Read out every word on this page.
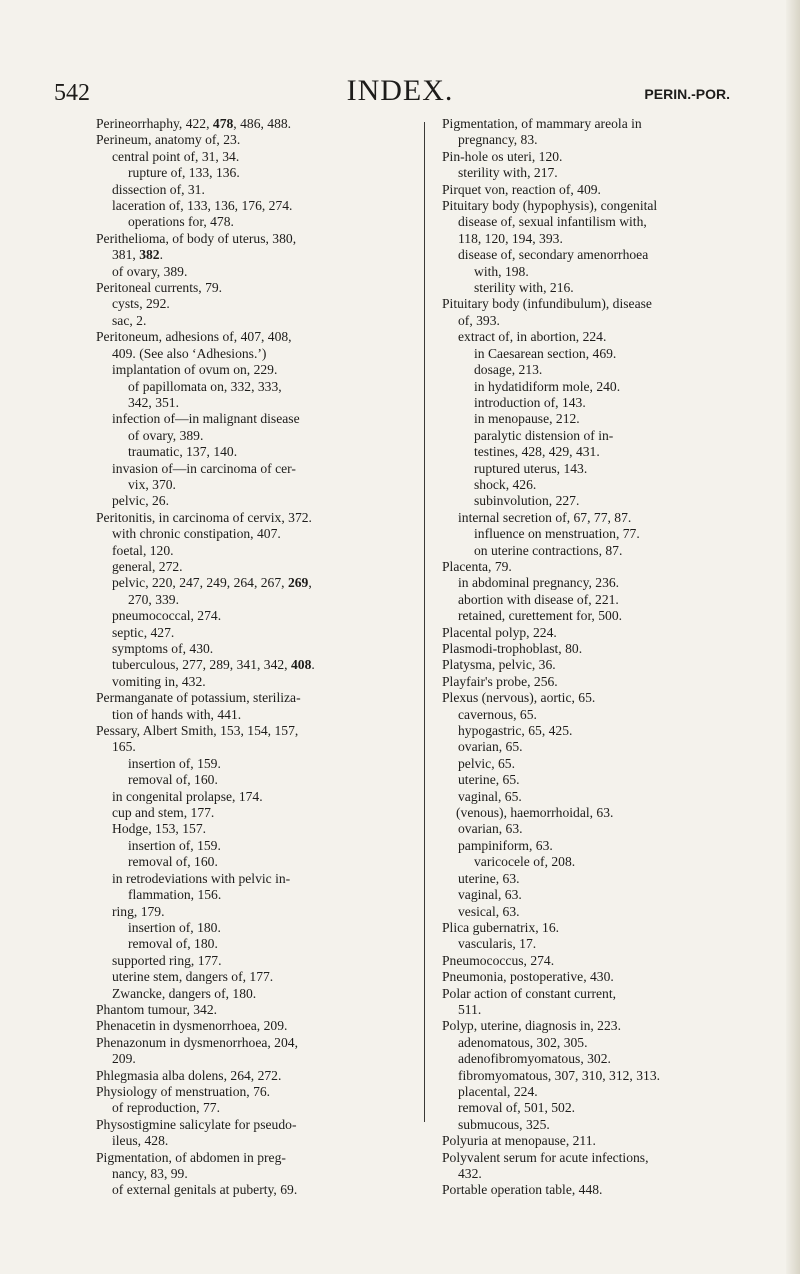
542	INDEX.	PERIN.-POR.
Perineorrhaphy, 422, 478, 486, 488.
Perineum, anatomy of, 23.
central point of, 31, 34.
rupture of, 133, 136.
dissection of, 31.
laceration of, 133, 136, 176, 274.
operations for, 478.
Perithelioma, of body of uterus, 380,
381, 382.
of ovary, 389.
Peritoneal currents, 79.
cysts, 292.
sac, 2.
Peritoneum, adhesions of, 407, 408,
409. (See also ‘Adhesions.’)
implantation of ovum on, 229.
of papillomata on, 332, 333,
342, 351.
infection of—in malignant disease
of ovary, 389.
traumatic, 137, 140.
invasion of—in carcinoma of cer-
vix, 370.
pelvic, 26.
Peritonitis, in carcinoma of cervix, 372.
with chronic constipation, 407.
foetal, 120.
general, 272.
pelvic, 220, 247, 249, 264, 267, 269,
270, 339.
pneumococcal, 274.
septic, 427.
symptoms of, 430.
tuberculous, 277, 289, 341, 342, 408.
vomiting in, 432.
Permanganate of potassium, steriliza-
tion of hands with, 441.
Pessary, Albert Smith, 153, 154, 157,
165.
insertion of, 159.
removal of, 160.
in congenital prolapse, 174.
cup and stem, 177.
Hodge, 153, 157.
insertion of, 159.
removal of, 160.
in retrodeviations with pelvic in-
flammation, 156.
ring, 179.
insertion of, 180.
removal of, 180.
supported ring, 177.
uterine stem, dangers of, 177.
Zwancke, dangers of, 180.
Phantom tumour, 342.
Phenacetin in dysmenorrhoea, 209.
Phenazonum in dysmenorrhoea, 204,
209.
Phlegmasia alba dolens, 264, 272.
Physiology of menstruation, 76.
of reproduction, 77.
Physostigmine salicylate for pseudo-
ileus, 428.
Pigmentation, of abdomen in preg-
nancy, 83, 99.
of external genitals at puberty, 69.
Pigmentation, of mammary areola in
pregnancy, 83.
Pin-hole os uteri, 120.
sterility with, 217.
Pirquet von, reaction of, 409.
Pituitary body (hypophysis), congenital
disease of, sexual infantilism with,
118, 120, 194, 393.
disease of, secondary amenorrhoea
with, 198.
sterility with, 216.
Pituitary body (infundibulum), disease
of, 393.
extract of, in abortion, 224.
in Caesarean section, 469.
dosage, 213.
in hydatidiform mole, 240.
introduction of, 143.
in menopause, 212.
paralytic distension of in-
testines, 428, 429, 431.
ruptured uterus, 143.
shock, 426.
subinvolution, 227.
internal secretion of, 67, 77, 87.
influence on menstruation, 77.
on uterine contractions, 87.
Placenta, 79.
in abdominal pregnancy, 236.
abortion with disease of, 221.
retained, curettement for, 500.
Placental polyp, 224.
Plasmodi-trophoblast, 80.
Platysma, pelvic, 36.
Playfair's probe, 256.
Plexus (nervous), aortic, 65.
cavernous, 65.
hypogastric, 65, 425.
ovarian, 65.
pelvic, 65.
uterine, 65.
vaginal, 65.
(venous), haemorrhoidal, 63.
ovarian, 63.
pampiniform, 63.
varicocele of, 208.
uterine, 63.
vaginal, 63.
vesical, 63.
Plica gubernatrix, 16.
vascularis, 17.
Pneumococcus, 274.
Pneumonia, postoperative, 430.
Polar action of constant current,
511.
Polyp, uterine, diagnosis in, 223.
adenomatous, 302, 305.
adenofibromyomatous, 302.
fibromyomatous, 307, 310, 312, 313.
placental, 224.
removal of, 501, 502.
submucous, 325.
Polyuria at menopause, 211.
Polyvalent serum for acute infections,
432.
Portable operation table, 448.
